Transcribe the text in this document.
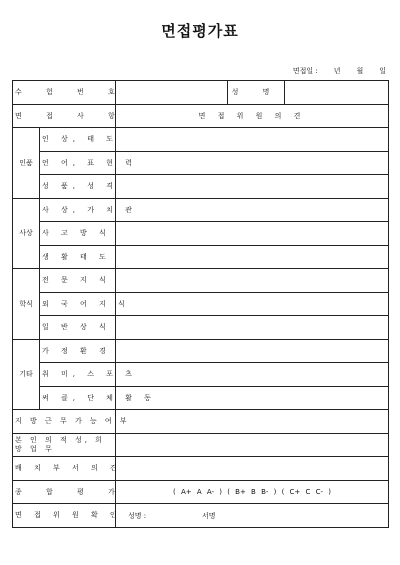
면접평가표
면접일 : 년 월 일
수 험 번 호			성 명	
면 접 사 항		면 접 위 원 의 견		
인품	인 상, 태 도			
	언 어, 표 현 력			
	성 품, 성 격			
사상	사 상, 가 치 관			
	사 고 방 식			
	생 활 태 도			
학식	전 문 지 식			
	외 국 어 지 식			
	일 반 상 식			
기타	가 정 환 경			
	취 미, 스 포 츠			
	써 클, 단 체 활 동			
지 방 근 무 가 능 여 부				
본 인 의 적 성, 희 망 업 무				
배 치 부 서 의 견				
종 합 평 가		( A+ A A- ) ( B+ B B- ) ( C+ C C- )		
면 접 위 원 확 인		성명 : 서명		
